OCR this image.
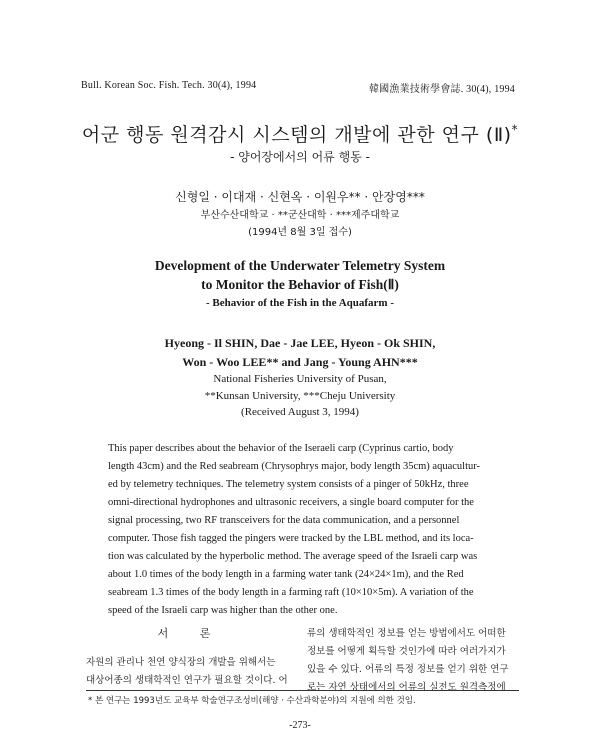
Bull. Korean Soc. Fish. Tech. 30(4), 1994	韓國漁業技術學會誌. 30(4), 1994
어군 행동 원격감시 시스템의 개발에 관한 연구 (Ⅱ)*
- 양어장에서의 어류 행동 -
신형일 · 이대재 · 신현옥 · 이원우** · 안장영***
부산수산대학교 · **군산대학 · ***제주대학교
(1994년 8월 3일 접수)
Development of the Underwater Telemetry System
to Monitor the Behavior of Fish(Ⅱ)
- Behavior of the Fish in the Aquafarm -
Hyeong - Il SHIN, Dae - Jae LEE, Hyeon - Ok SHIN,
Won - Woo LEE** and Jang - Young AHN***
National Fisheries University of Pusan,
**Kunsan University, ***Cheju University
(Received August 3, 1994)
This paper describes about the behavior of the Iseraeli carp (Cyprinus cartio, body
length 43cm) and the Red seabream (Chrysophrys major, body length 35cm) aquacultur-
ed by telemetry techniques. The telemetry system consists of a pinger of 50kHz, three
omni-directional hydrophones and ultrasonic receivers, a single board computer for the
signal processing, two RF transceivers for the data communication, and a personnel
computer. Those fish tagged the pingers were tracked by the LBL method, and its loca-
tion was calculated by the hyperbolic method. The average speed of the Israeli carp was
about 1.0 times of the body length in a farming water tank (24×24×1m), and the Red
seabream 1.3 times of the body length in a farming raft (10×10×5m). A variation of the
speed of the Israeli carp was higher than the other one.
서 론
자원의 관리나 천연 양식장의 개발을 위해서는
대상어종의 생태학적인 연구가 필요할 것이다. 어
류의 생태학적인 정보를 얻는 방법에서도 어떠한
정보를 어떻게 획득할 것인가에 따라 여러가지가
있을 수 있다. 어류의 특정 정보를 얻기 위한 연구
로는 자연 상태에서의 어류의 실전도 원격측정에
* 본 연구는 1993년도 교육부 학술연구조성비(해양 · 수산과학분야)의 지원에 의한 것임.
-273-
